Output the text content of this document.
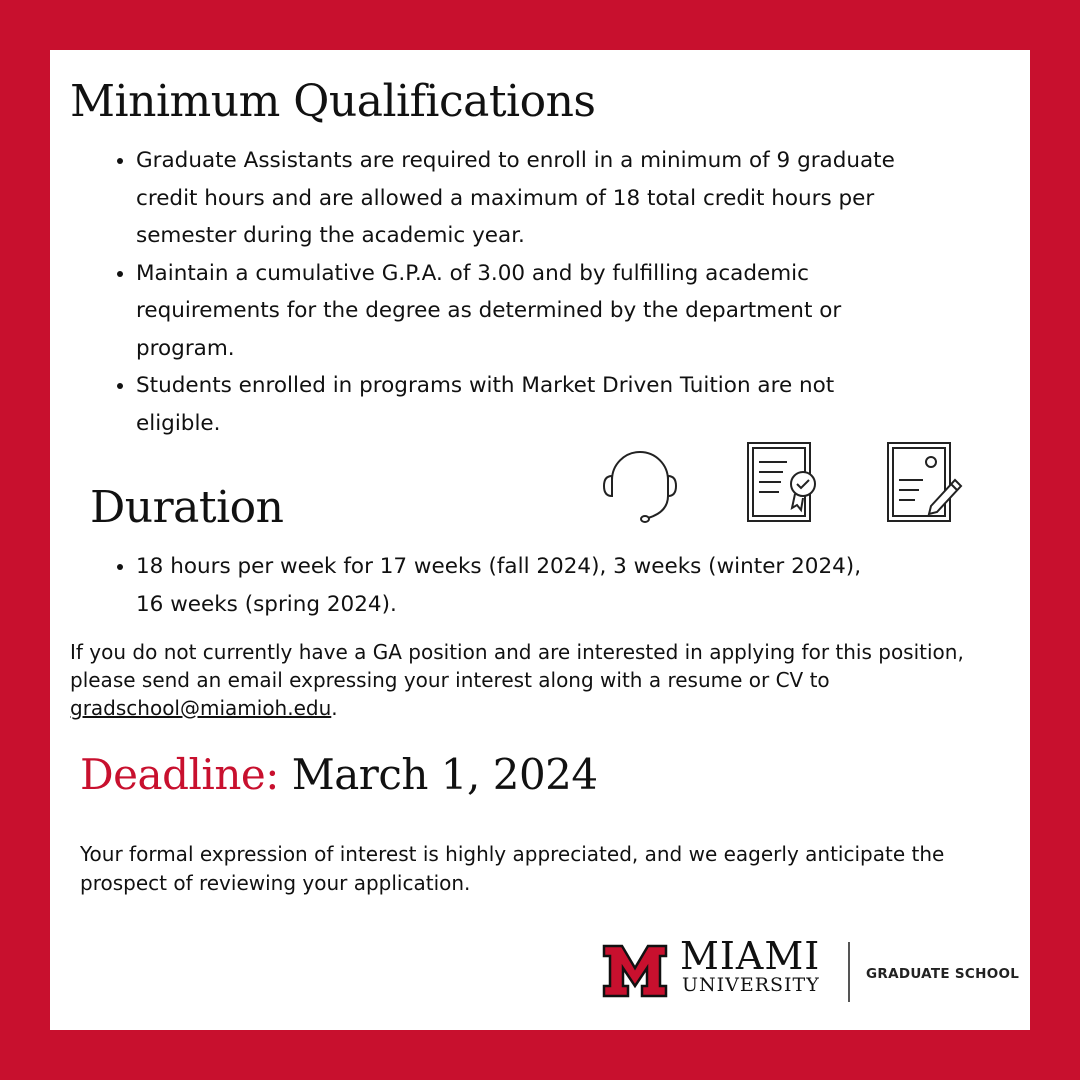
Minimum Qualifications
• Graduate Assistants are required to enroll in a minimum of 9 graduate credit hours and are allowed a maximum of 18 total credit hours per semester during the academic year.
• Maintain a cumulative G.P.A. of 3.00 and by fulfilling academic requirements for the degree as determined by the department or program.
• Students enrolled in programs with Market Driven Tuition are not eligible.
Duration
• 18 hours per week for 17 weeks (fall 2024), 3 weeks (winter 2024), 16 weeks (spring 2024).

If you do not currently have a GA position and are interested in applying for this position, please send an email expressing your interest along with a resume or CV to gradschool@miamioh.edu.

Deadline: March 1, 2024

Your formal expression of interest is highly appreciated, and we eagerly anticipate the prospect of reviewing your application.

MIAMI
UNIVERSITY	GRADUATE SCHOOL
